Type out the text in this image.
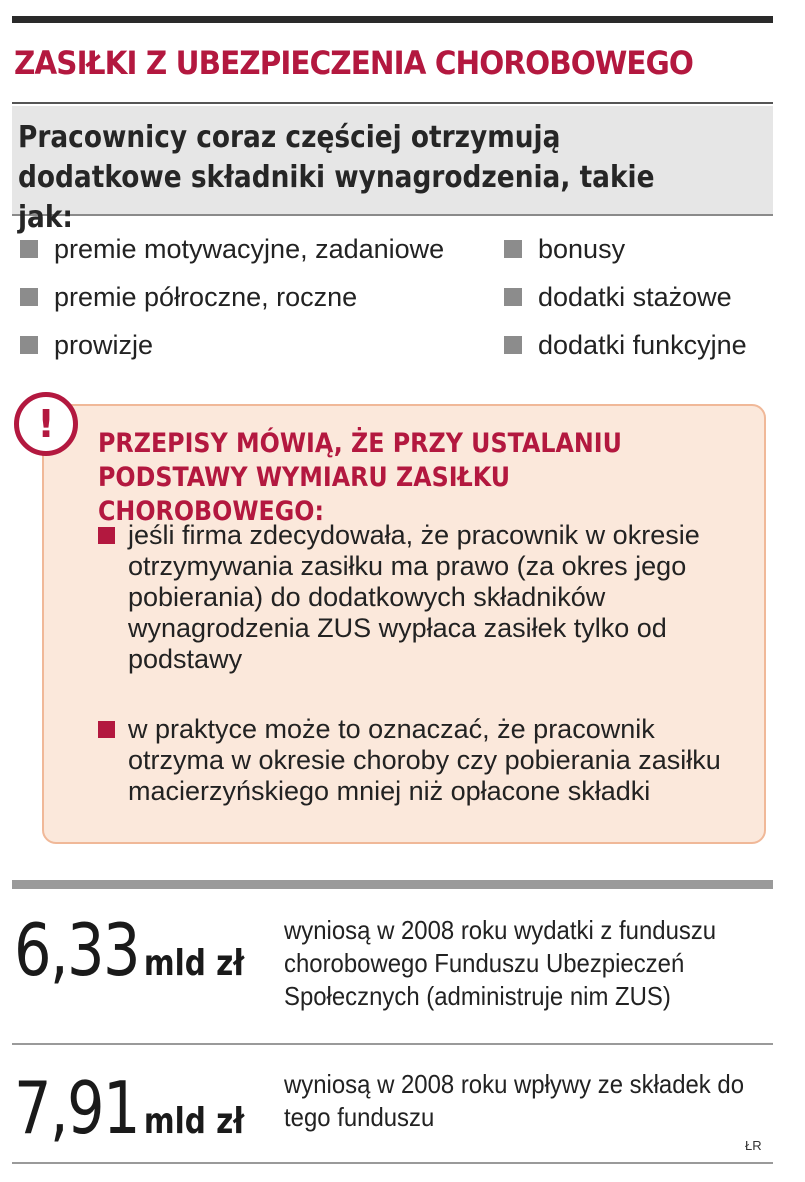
ZASIŁKI Z UBEZPIECZENIA CHOROBOWEGO
Pracownicy coraz częściej otrzymują dodatkowe składniki wynagrodzenia, takie jak:
premie motywacyjne, zadaniowe
premie półroczne, roczne
prowizje
bonusy
dodatki stażowe
dodatki funkcyjne
!	PRZEPISY MÓWIĄ, ŻE PRZY USTALANIU PODSTAWY WYMIARU ZASIŁKU CHOROBOWEGO:
jeśli firma zdecydowała, że pracownik w okresie otrzymywania zasiłku ma prawo (za okres jego pobierania) do dodatkowych składników wynagrodzenia ZUS wypłaca zasiłek tylko od podstawy
w praktyce może to oznaczać, że pracownik otrzyma w okresie choroby czy pobierania zasiłku macierzyńskiego mniej niż opłacone składki
6,33 mld zł
wyniosą w 2008 roku wydatki z funduszu chorobowego Funduszu Ubezpieczeń Społecznych (administruje nim ZUS)
7,91 mld zł
wyniosą w 2008 roku wpływy ze składek do tego funduszu
ŁR
